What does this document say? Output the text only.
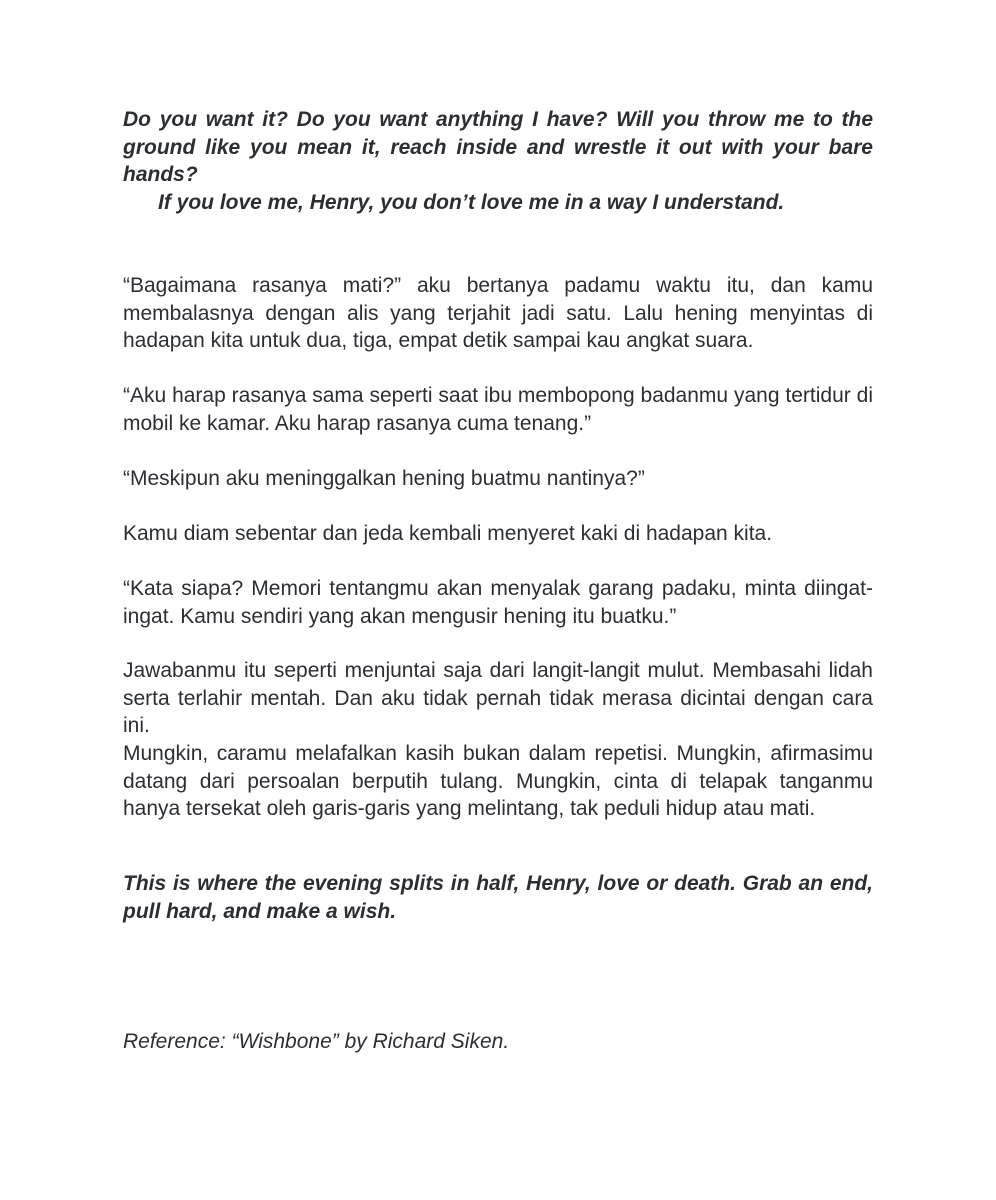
Do you want it? Do you want anything I have? Will you throw me to the ground like you mean it, reach inside and wrestle it out with your bare hands?
If you love me, Henry, you don’t love me in a way I understand.

“Bagaimana rasanya mati?” aku bertanya padamu waktu itu, dan kamu membalasnya dengan alis yang terjahit jadi satu. Lalu hening menyintas di hadapan kita untuk dua, tiga, empat detik sampai kau angkat suara.

“Aku harap rasanya sama seperti saat ibu membopong badanmu yang tertidur di mobil ke kamar. Aku harap rasanya cuma tenang.”

“Meskipun aku meninggalkan hening buatmu nantinya?”

Kamu diam sebentar dan jeda kembali menyeret kaki di hadapan kita.

“Kata siapa? Memori tentangmu akan menyalak garang padaku, minta diingat-ingat. Kamu sendiri yang akan mengusir hening itu buatku.”

Jawabanmu itu seperti menjuntai saja dari langit-langit mulut. Membasahi lidah serta terlahir mentah. Dan aku tidak pernah tidak merasa dicintai dengan cara ini.

Mungkin, caramu melafalkan kasih bukan dalam repetisi. Mungkin, afirmasimu datang dari persoalan berputih tulang. Mungkin, cinta di telapak tanganmu hanya tersekat oleh garis-garis yang melintang, tak peduli hidup atau mati.

This is where the evening splits in half, Henry, love or death. Grab an end, pull hard, and make a wish.

Reference: “Wishbone” by Richard Siken.
